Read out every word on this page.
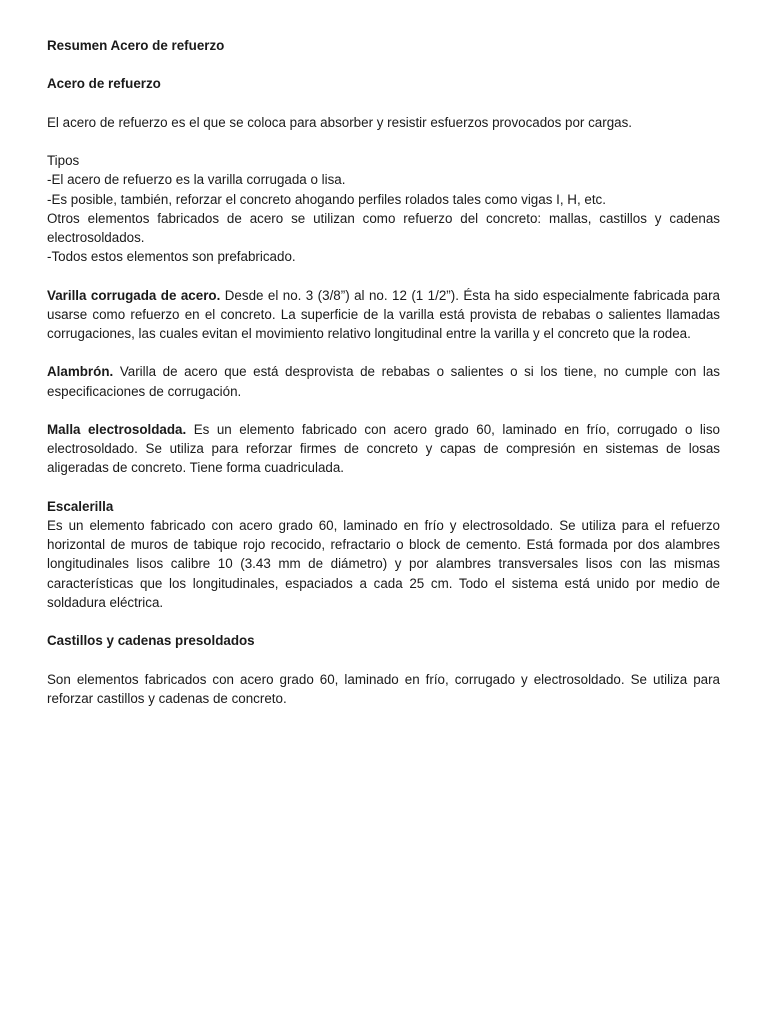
Resumen Acero de refuerzo

Acero de refuerzo

El acero de refuerzo es el que se coloca para absorber y resistir esfuerzos provocados por cargas.

Tipos

-El acero de refuerzo es la varilla corrugada o lisa.

-Es posible, también, reforzar el concreto ahogando perfiles rolados tales como vigas I, H, etc.

Otros elementos fabricados de acero se utilizan como refuerzo del concreto: mallas, castillos y cadenas electrosoldados.

-Todos estos elementos son prefabricado.

Varilla corrugada de acero. Desde el no. 3 (3/8”) al no. 12 (1 1/2”). Ésta ha sido especialmente fabricada para usarse como refuerzo en el concreto. La superficie de la varilla está provista de rebabas o salientes llamadas corrugaciones, las cuales evitan el movimiento relativo longitudinal entre la varilla y el concreto que la rodea.

Alambrón. Varilla de acero que está desprovista de rebabas o salientes o si los tiene, no cumple con las especificaciones de corrugación.

Malla electrosoldada. Es un elemento fabricado con acero grado 60, laminado en frío, corrugado o liso electrosoldado. Se utiliza para reforzar firmes de concreto y capas de compresión en sistemas de losas aligeradas de concreto. Tiene forma cuadriculada.

Escalerilla

Es un elemento fabricado con acero grado 60, laminado en frío y electrosoldado. Se utiliza para el refuerzo horizontal de muros de tabique rojo recocido, refractario o block de cemento. Está formada por dos alambres longitudinales lisos calibre 10 (3.43 mm de diámetro) y por alambres transversales lisos con las mismas características que los longitudinales, espaciados a cada 25 cm. Todo el sistema está unido por medio de soldadura eléctrica.

Castillos y cadenas presoldados

Son elementos fabricados con acero grado 60, laminado en frío, corrugado y electrosoldado. Se utiliza para reforzar castillos y cadenas de concreto.
